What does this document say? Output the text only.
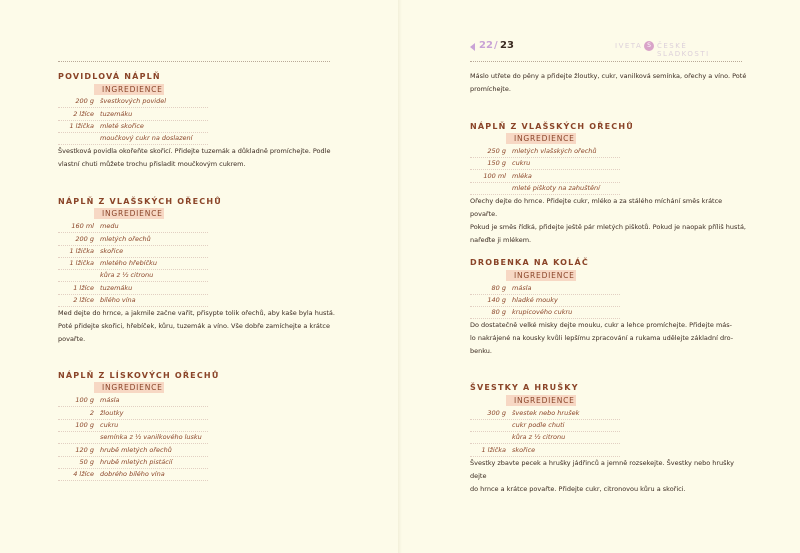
22 / 23	IVETA S ČESKÉ SLADKOSTI
POVIDLOVÁ NÁPLŇ
INGREDIENCE
200 g švestkových povidel
2 lžíce tuzemáku
1 lžička mleté skořice
moučkový cukr na doslazení

Švestková povidla okořeňte skořicí. Přidejte tuzemák a důkladně promíchejte. Podle

vlastní chuti můžete trochu přisladit moučkovým cukrem.

NÁPLŇ Z VLAŠSKÝCH OŘECHŮ
INGREDIENCE
160 ml medu
200 g mletých ořechů
1 lžička skořice
1 lžička mletého hřebíčku
kůra z ½ citronu
1 lžíce tuzemáku
2 lžíce bílého vína

Med dejte do hrnce, a jakmile začne vařit, přisypte tolik ořechů, aby kaše byla hustá.

Poté přidejte skořici, hřebíček, kůru, tuzemák a víno. Vše dobře zamíchejte a krátce

povařte.

NÁPLŇ Z LÍSKOVÝCH OŘECHŮ
INGREDIENCE
100 g másla
2 žloutky
100 g cukru
semínka z ½ vanilkového lusku
120 g hrubě mletých ořechů
50 g hrubě mletých pistácií
4 lžíce dobrého bílého vína

Máslo utřete do pěny a přidejte žloutky, cukr, vanilková semínka, ořechy a víno. Poté

promíchejte.

NÁPLŇ Z VLAŠSKÝCH OŘECHŮ
INGREDIENCE
250 g mletých vlašských ořechů
150 g cukru
100 ml mléka
mleté piškoty na zahuštění

Ořechy dejte do hrnce. Přidejte cukr, mléko a za stálého míchání směs krátce povařte.

Pokud je směs řídká, přidejte ještě pár mletých piškotů. Pokud je naopak příliš hustá,

nařeďte ji mlékem.

DROBENKA NA KOLÁČ
INGREDIENCE
80 g másla
140 g hladké mouky
80 g krupicového cukru

Do dostatečně velké misky dejte mouku, cukr a lehce promíchejte. Přidejte más-

lo nakrájené na kousky kvůli lepšímu zpracování a rukama udělejte základní dro-

benku.

ŠVESTKY A HRUŠKY
INGREDIENCE
300 g švestek nebo hrušek
cukr podle chuti
kůra z ½ citronu
1 lžička skořice

Švestky zbavte pecek a hrušky jádřinců a jemně rozsekejte. Švestky nebo hrušky dejte

do hrnce a krátce povařte. Přidejte cukr, citronovou kůru a skořici.
